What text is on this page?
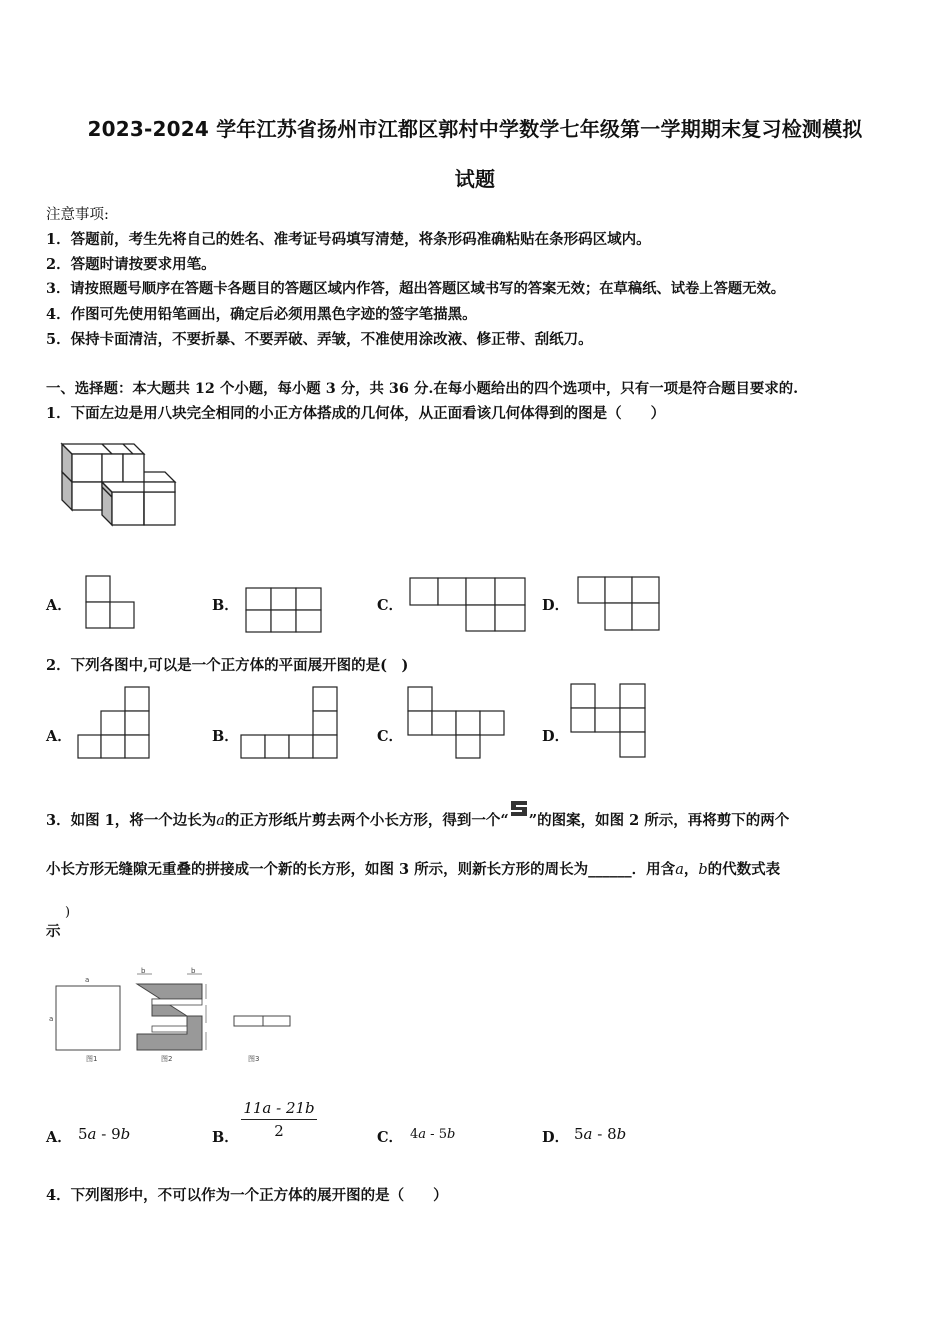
2023-2024 学年江苏省扬州市江都区郭村中学数学七年级第一学期期末复习检测模拟
试题
注意事项:
1．答题前，考生先将自己的姓名、准考证号码填写清楚，将条形码准确粘贴在条形码区域内。
2．答题时请按要求用笔。
3．请按照题号顺序在答题卡各题目的答题区域内作答，超出答题区域书写的答案无效；在草稿纸、试卷上答题无效。
4．作图可先使用铅笔画出，确定后必须用黑色字迹的签字笔描黑。
5．保持卡面清洁，不要折暴、不要弄破、弄皱，不准使用涂改液、修正带、刮纸刀。
一、选择题：本大题共 12 个小题，每小题 3 分，共 36 分.在每小题给出的四个选项中，只有一项是符合题目要求的.
1．下面左边是用八块完全相同的小正方体搭成的几何体，从正面看该几何体得到的图是（　　）
A．	B．	C．	D．
2．下列各图中,可以是一个正方体的平面展开图的是(　)
A．	B．	C．	D．
3．如图 1，将一个边长为a的正方形纸片剪去两个小长方形，得到一个“ ”的图案，如图 2 所示，再将剪下的两个
小长方形无缝隙无重叠的拼接成一个新的长方形，如图 3 所示，则新长方形的周长为______．用含a，b的代数式表
示
)
a
a
图1
b	b
图2	图3
A． 5a - 9b	B． $\frac{11a - 21b}{2}$	C． 4a - 5b	D． 5a - 8b
4．下列图形中，不可以作为一个正方体的展开图的是（　　）
